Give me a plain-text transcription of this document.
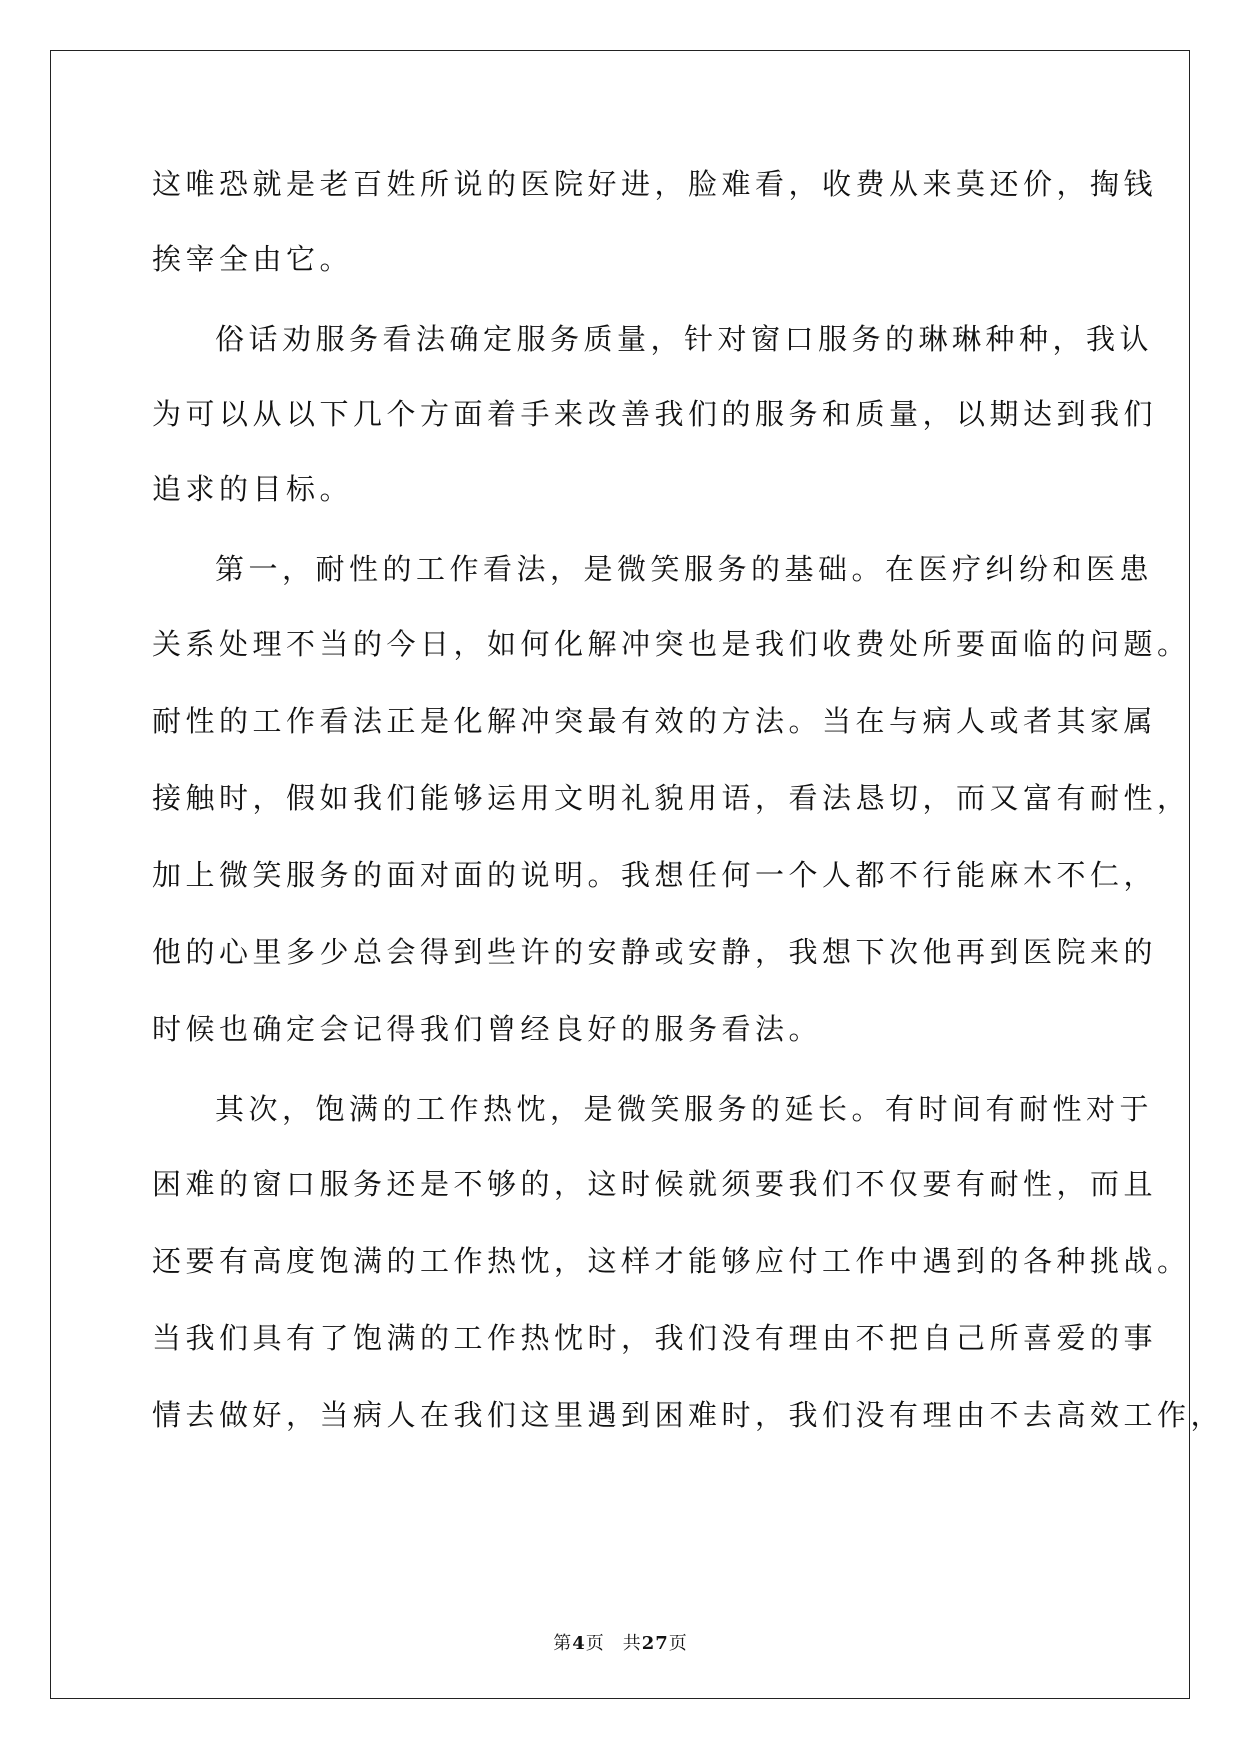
这唯恐就是老百姓所说的医院好进，脸难看，收费从来莫还价，掏钱
挨宰全由它。
俗话劝服务看法确定服务质量，针对窗口服务的琳琳种种，我认
为可以从以下几个方面着手来改善我们的服务和质量，以期达到我们
追求的目标。
第一，耐性的工作看法，是微笑服务的基础。在医疗纠纷和医患
关系处理不当的今日，如何化解冲突也是我们收费处所要面临的问题。
耐性的工作看法正是化解冲突最有效的方法。当在与病人或者其家属
接触时，假如我们能够运用文明礼貌用语，看法恳切，而又富有耐性，
加上微笑服务的面对面的说明。我想任何一个人都不行能麻木不仁，
他的心里多少总会得到些许的安静或安静，我想下次他再到医院来的
时候也确定会记得我们曾经良好的服务看法。
其次，饱满的工作热忱，是微笑服务的延长。有时间有耐性对于
困难的窗口服务还是不够的，这时候就须要我们不仅要有耐性，而且
还要有高度饱满的工作热忱，这样才能够应付工作中遇到的各种挑战。
当我们具有了饱满的工作热忱时，我们没有理由不把自己所喜爱的事
情去做好，当病人在我们这里遇到困难时，我们没有理由不去高效工作，
第4页 共27页
